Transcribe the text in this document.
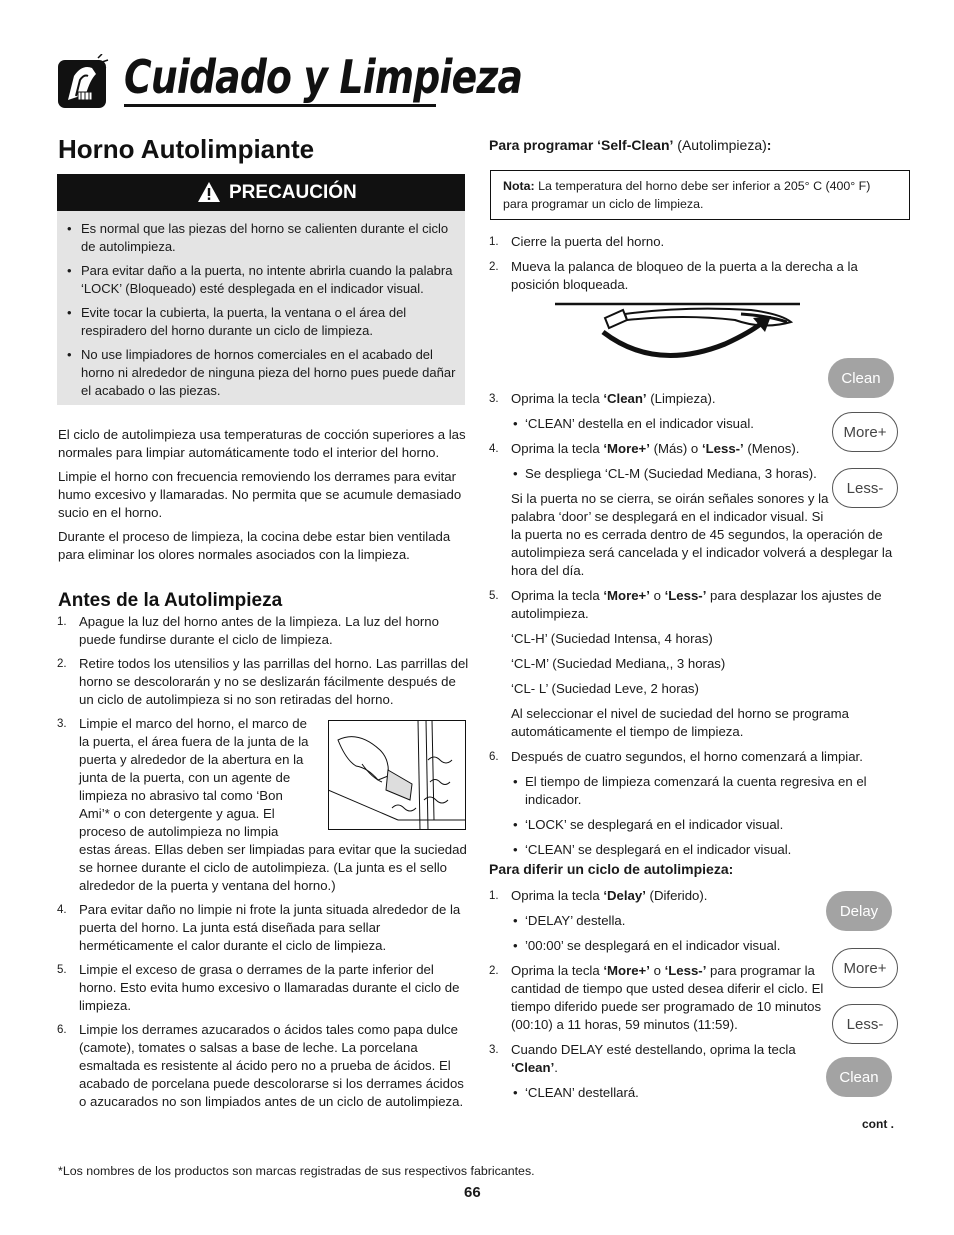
Cuidado y Limpieza
Horno Autolimpiante
PRECAUCIÓN
• Es normal que las piezas del horno se calienten durante el ciclo de autolimpieza.
• Para evitar daño a la puerta, no intente abrirla cuando la palabra ‘LOCK’ (Bloqueado) esté desplegada en el indicador visual.
• Evite tocar la cubierta, la puerta, la ventana o el área del respiradero del horno durante un ciclo de limpieza.
• No use limpiadores de hornos comerciales en el acabado del horno ni alrededor de ninguna pieza del horno pues puede dañar el acabado o las piezas.

El ciclo de autolimpieza usa temperaturas de cocción superiores a las normales para limpiar automáticamente todo el interior del horno.

Limpie el horno con frecuencia removiendo los derrames para evitar humo excesivo y llamaradas. No permita que se acumule demasiado sucio en el horno.

Durante el proceso de limpieza, la cocina debe estar bien ventilada para eliminar los olores normales asociados con la limpieza.

Antes de la Autolimpieza
1. Apague la luz del horno antes de la limpieza. La luz del horno puede fundirse durante el ciclo de limpieza.
2. Retire todos los utensilios y las parrillas del horno. Las parrillas del horno se descolorarán y no se deslizarán fácilmente después de un ciclo de autolimpieza si no son retiradas del horno.
3. Limpie el marco del horno, el marco de
la puerta, el área fuera de la junta de la
puerta y alrededor de la abertura en la
junta de la puerta, con un agente de
limpieza no abrasivo tal como ‘Bon
Ami’* o con detergente y agua. El
proceso de autolimpieza no limpia
estas áreas. Ellas deben ser limpiadas para evitar que la suciedad se hornee durante el ciclo de autolimpieza. (La junta es el sello alrededor de la puerta y ventana del horno.)
4. Para evitar daño no limpie ni frote la junta situada alrededor de la puerta del horno. La junta está diseñada para sellar herméticamente el calor durante el ciclo de limpieza.
5. Limpie el exceso de grasa o derrames de la parte inferior del horno. Esto evita humo excesivo o llamaradas durante el ciclo de limpieza.
6. Limpie los derrames azucarados o ácidos tales como papa dulce (camote), tomates o salsas a base de leche. La porcelana esmaltada es resistente al ácido pero no a prueba de ácidos. El acabado de porcelana puede descolorarse si los derrames ácidos o azucarados no son limpiados antes de un ciclo de autolimpieza.
Para programar ‘Self-Clean’ (Autolimpieza):
Nota: La temperatura del horno debe ser inferior a 205° C (400° F) para programar un ciclo de limpieza.
1. Cierre la puerta del horno.
2. Mueva la palanca de bloqueo de la puerta a la derecha a la posición bloqueada.
3. Oprima la tecla ‘Clean’ (Limpieza).
• ‘CLEAN’ destella en el indicador visual.
4. Oprima la tecla ‘More+’ (Más) o ‘Less-’ (Menos).
• Se despliega ‘CL-M (Suciedad Mediana, 3 horas).
Si la puerta no se cierra, se oirán señales sonores y la
palabra ‘door’ se desplegará en el indicador visual. Si
la puerta no es cerrada dentro de 45 segundos, la operación de autolimpieza será cancelada y el indicador volverá a desplegar la hora del día.
5. Oprima la tecla ‘More+’ o ‘Less-’ para desplazar los ajustes de autolimpieza.
‘CL-H’ (Suciedad Intensa, 4 horas)
‘CL-M’ (Suciedad Mediana,, 3 horas)
‘CL- L’ (Suciedad Leve, 2 horas)
Al seleccionar el nivel de suciedad del horno se programa automáticamente el tiempo de limpieza.
6. Después de cuatro segundos, el horno comenzará a limpiar.
• El tiempo de limpieza comenzará la cuenta regresiva en el indicador.
• ‘LOCK’ se desplegará en el indicador visual.
• ‘CLEAN’ se desplegará en el indicador visual.
Para diferir un ciclo de autolimpieza:
1. Oprima la tecla ‘Delay’ (Diferido).
• ‘DELAY’ destella.
• ’00:00’ se desplegará en el indicador visual.
2. Oprima la tecla ‘More+’ o ‘Less-’ para programar la
cantidad de tiempo que usted desea diferir el ciclo. El
tiempo diferido puede ser programado de 10 minutos
(00:10) a 11 horas, 59 minutos (11:59).
3. Cuando DELAY esté destellando, oprima la tecla
‘Clean’.
• ‘CLEAN’ destellará.
Clean
More+
Less-
Delay
More+
Less-
Clean
cont .
*Los nombres de los productos son marcas registradas de sus respectivos fabricantes.
66
